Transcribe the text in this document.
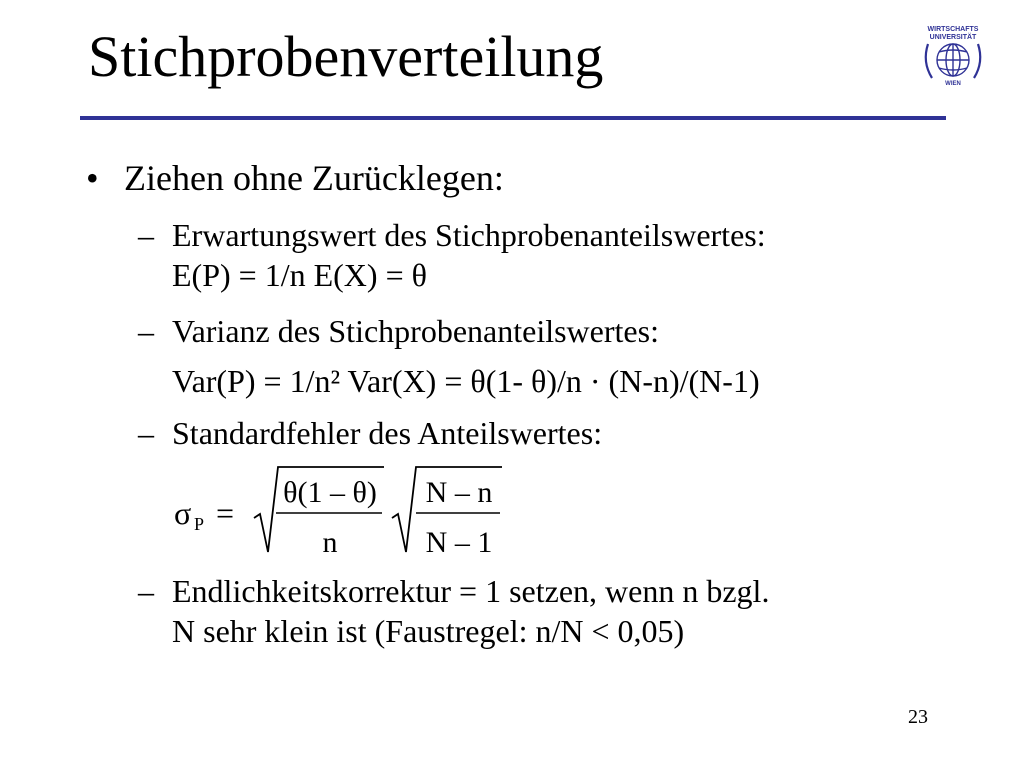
Stichprobenverteilung	WIRTSCHAFTS
UNIVERSITÄT
WIEN
• Ziehen ohne Zurücklegen:
– Erwartungswert des Stichprobenanteilswertes:
E(P) = 1/n E(X) = θ
– Varianz des Stichprobenanteilswertes:
Var(P) = 1/n² Var(X) = θ(1- θ)/n · (N-n)/(N-1)
– Standardfehler des Anteilswertes:
σ P =
θ(1 – θ)
n
N – n
N – 1
– Endlichkeitskorrektur = 1 setzen, wenn n bzgl.
N sehr klein ist (Faustregel: n/N < 0,05)
23
